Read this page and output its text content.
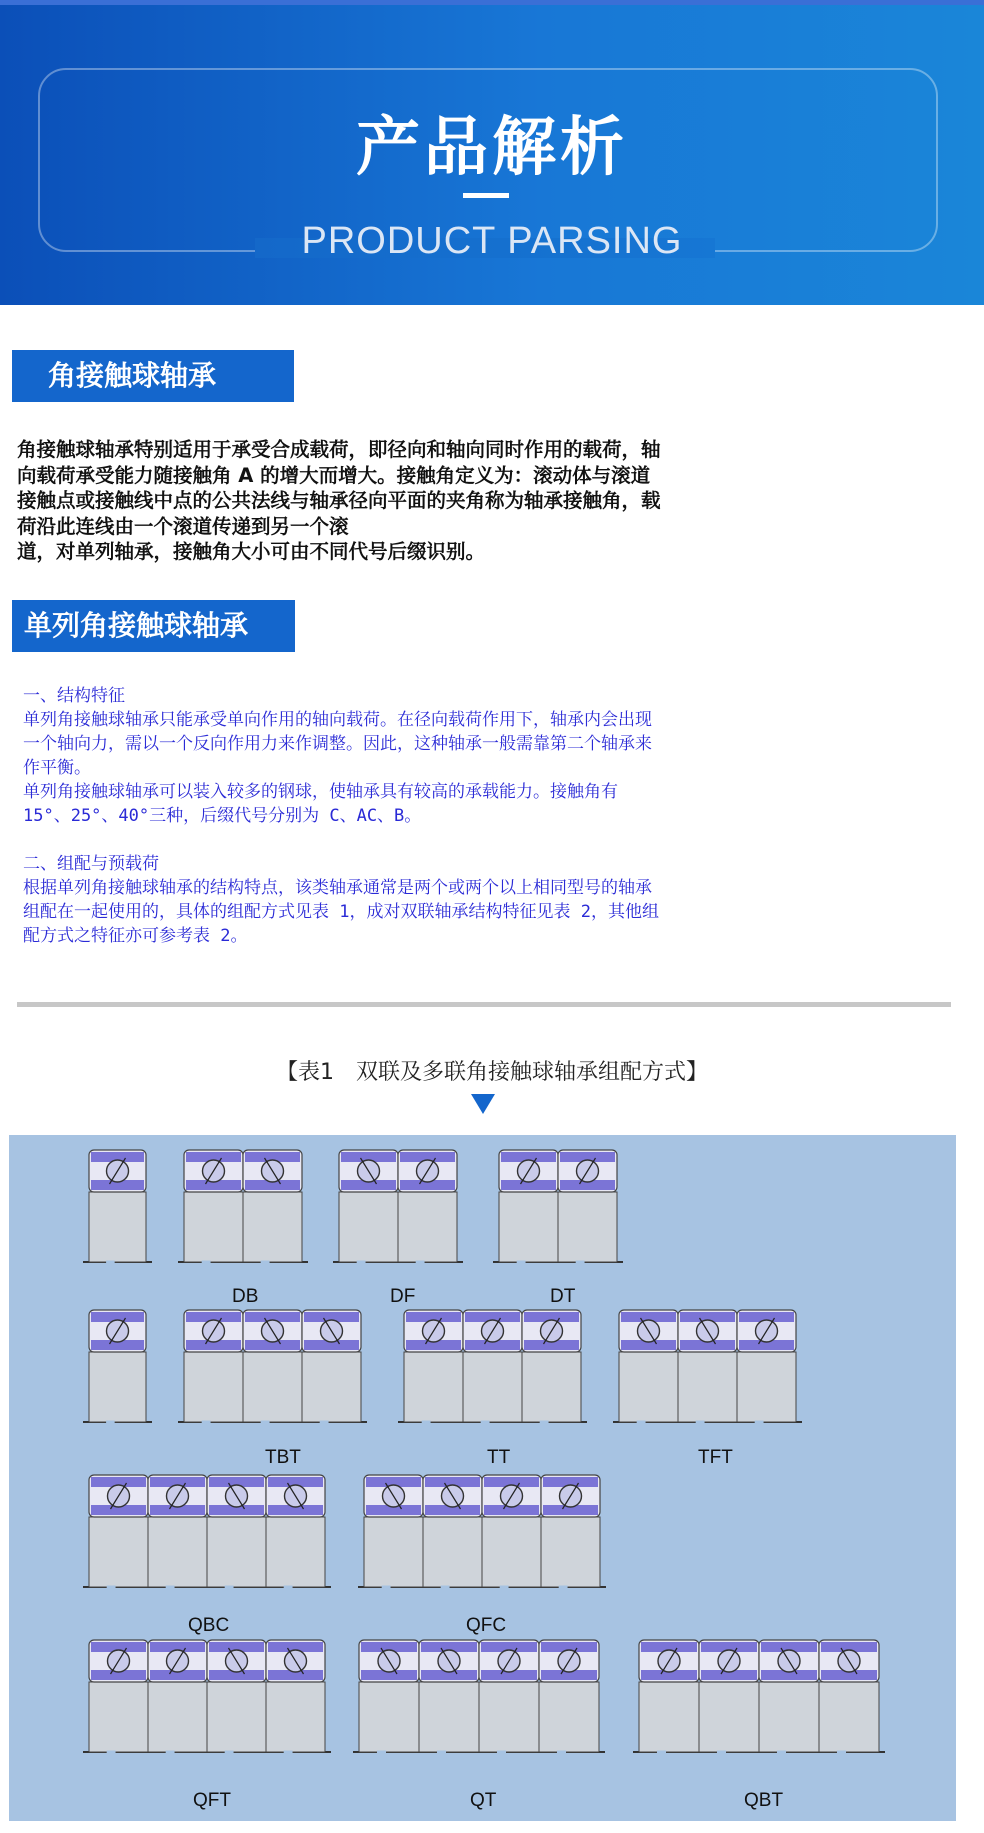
产品解析
PRODUCT PARSING
角接触球轴承
角接触球轴承特别适用于承受合成载荷，即径向和轴向同时作用的载荷，轴
向载荷承受能力随接触角 A 的增大而增大。接触角定义为：滚动体与滚道
接触点或接触线中点的公共法线与轴承径向平面的夹角称为轴承接触角，载
荷沿此连线由一个滚道传递到另一个滚
道，对单列轴承，接触角大小可由不同代号后缀识别。
单列角接触球轴承
一、结构特征
单列角接触球轴承只能承受单向作用的轴向载荷。在径向载荷作用下，轴承内会出现
一个轴向力，需以一个反向作用力来作调整。因此，这种轴承一般需靠第二个轴承来
作平衡。
单列角接触球轴承可以装入较多的钢球，使轴承具有较高的承载能力。接触角有
15°、25°、40°三种，后缀代号分别为 C、AC、B。
二、组配与预载荷
根据单列角接触球轴承的结构特点，该类轴承通常是两个或两个以上相同型号的轴承
组配在一起使用的，具体的组配方式见表 1，成对双联轴承结构特征见表 2，其他组
配方式之特征亦可参考表 2。
【表1　双联及多联角接触球轴承组配方式】
DB	DF	DT
TBT	TT	TFT
QBC	QFC
QFT	QT	QBT
